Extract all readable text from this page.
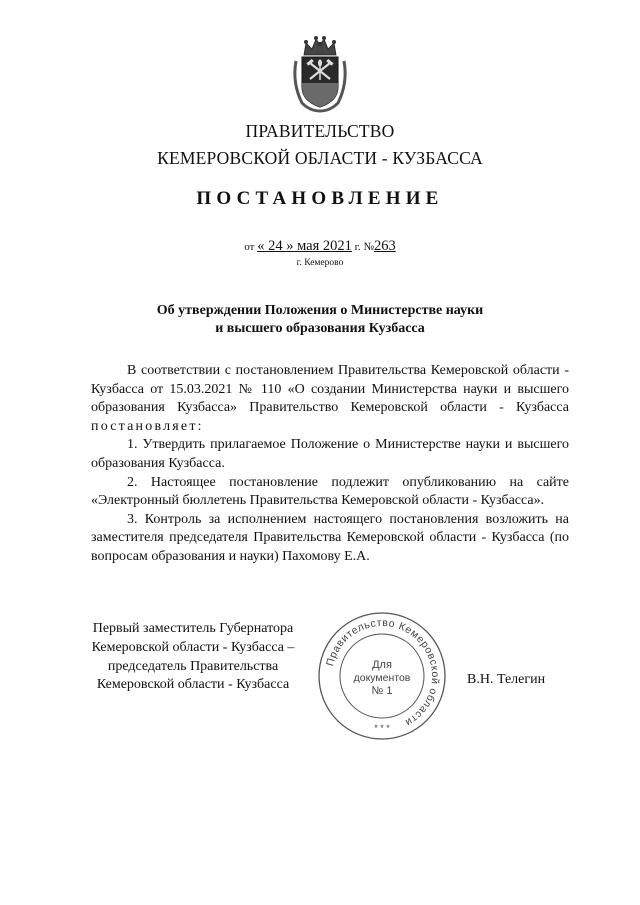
ПРАВИТЕЛЬСТВО
КЕМЕРОВСКОЙ ОБЛАСТИ - КУЗБАССА
ПОСТАНОВЛЕНИЕ
от « 24 » мая 2021 г. №263
г. Кемерово
Об утверждении Положения о Министерстве науки
и высшего образования Кузбасса

В соответствии с постановлением Правительства Кемеровской области - Кузбасса от 15.03.2021 № 110 «О создании Министерства науки и высшего образования Кузбасса» Правительство Кемеровской области - Кузбасса постановляет:

1. Утвердить прилагаемое Положение о Министерстве науки и высшего образования Кузбасса.

2. Настоящее постановление подлежит опубликованию на сайте «Электронный бюллетень Правительства Кемеровской области - Кузбасса».

3. Контроль за исполнением настоящего постановления возложить на заместителя председателя Правительства Кемеровской области - Кузбасса (по вопросам образования и науки) Пахомову Е.А.

Первый заместитель Губернатора
Кемеровской области - Кузбасса –
председатель Правительства
Кемеровской области - Кузбасса
Правительство Кемеровской области
Для
документов
№ 1
* * *
В.Н. Телегин
